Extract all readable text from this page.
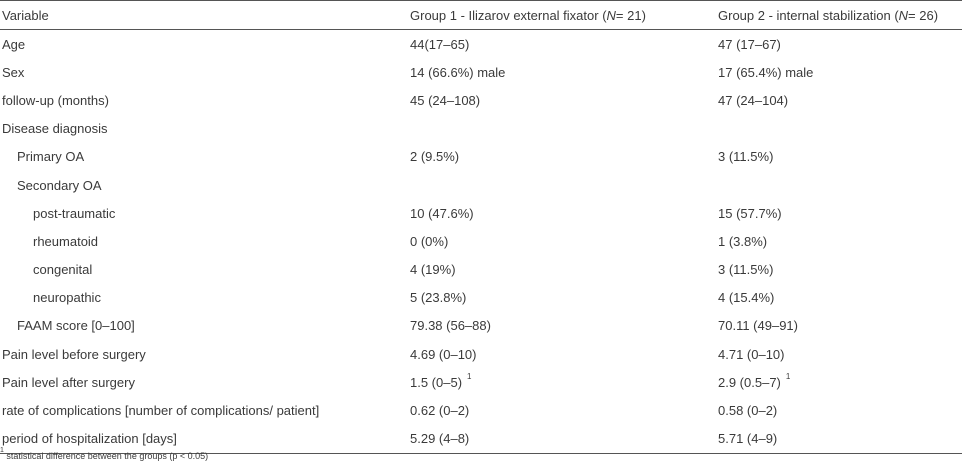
Variable	Group 1 - Ilizarov external fixator ( N = 21)	Group 2 - internal stabilization ( N = 26)
Age	44(17–65)	47 (17–67)
Sex	14 (66.6%) male	17 (65.4%) male
follow-up (months)	45 (24–108)	47 (24–104)
Disease diagnosis
Primary OA	2 (9.5%)	3 (11.5%)
Secondary OA
post-traumatic	10 (47.6%)	15 (57.7%)
rheumatoid	0 (0%)	1 (3.8%)
congenital	4 (19%)	3 (11.5%)
neuropathic	5 (23.8%)	4 (15.4%)
FAAM score [0–100]	79.38 (56–88)	70.11 (49–91)
Pain level before surgery	4.69 (0–10)	4.71 (0–10)
Pain level after surgery	1.5 (0–5) $^1$	2.9 (0.5–7) $^1$
rate of complications [number of complications/ patient]	0.62 (0–2)	0.58 (0–2)
period of hospitalization [days]	5.29 (4–8)	5.71 (4–9)
$^1$ statistical difference between the groups (p < 0.05)
